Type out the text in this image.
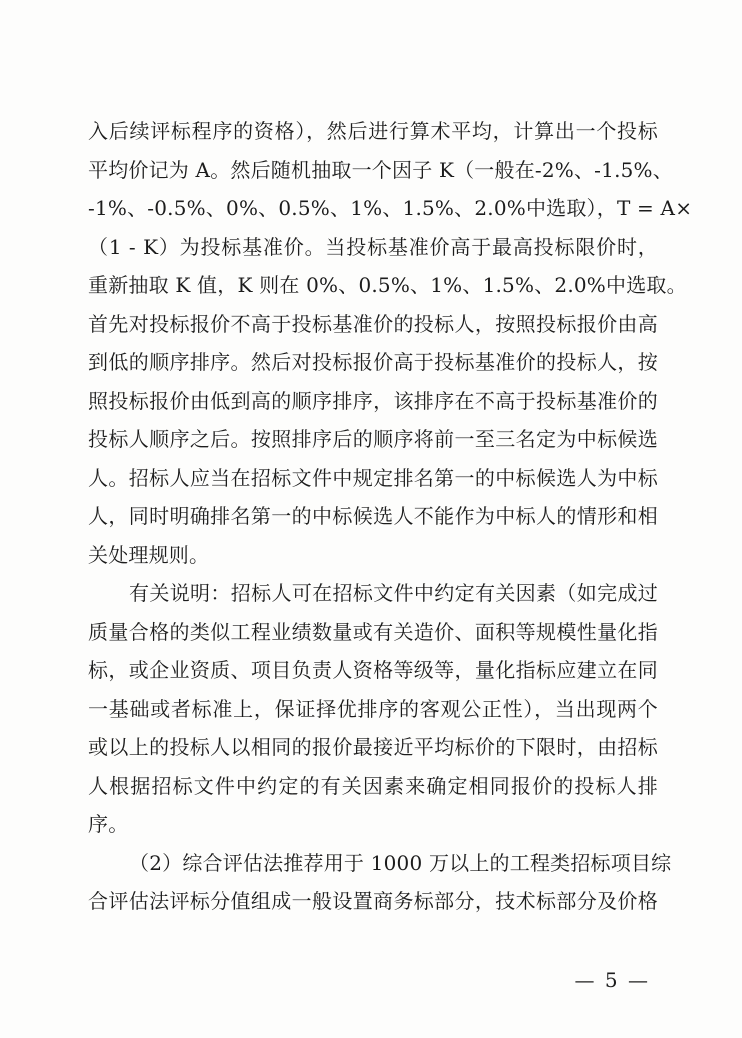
入后续评标程序的资格），然后进行算术平均，计算出一个投标
平均价记为 A。然后随机抽取一个因子 K（一般在-2%、-1.5%、
-1%、-0.5%、0%、0.5%、1%、1.5%、2.0%中选取），T = A×
（1 - K）为投标基准价。当投标基准价高于最高投标限价时，
重新抽取 K 值，K 则在 0%、0.5%、1%、1.5%、2.0%中选取。
首先对投标报价不高于投标基准价的投标人，按照投标报价由高
到低的顺序排序。然后对投标报价高于投标基准价的投标人，按
照投标报价由低到高的顺序排序，该排序在不高于投标基准价的
投标人顺序之后。按照排序后的顺序将前一至三名定为中标候选
人。招标人应当在招标文件中规定排名第一的中标候选人为中标
人，同时明确排名第一的中标候选人不能作为中标人的情形和相
关处理规则。
有关说明：招标人可在招标文件中约定有关因素（如完成过
质量合格的类似工程业绩数量或有关造价、面积等规模性量化指
标，或企业资质、项目负责人资格等级等，量化指标应建立在同
一基础或者标准上，保证择优排序的客观公正性），当出现两个
或以上的投标人以相同的报价最接近平均标价的下限时，由招标
人根据招标文件中约定的有关因素来确定相同报价的投标人排
序。
（2）综合评估法推荐用于 1000 万以上的工程类招标项目综
合评估法评标分值组成一般设置商务标部分，技术标部分及价格
— 5 —
